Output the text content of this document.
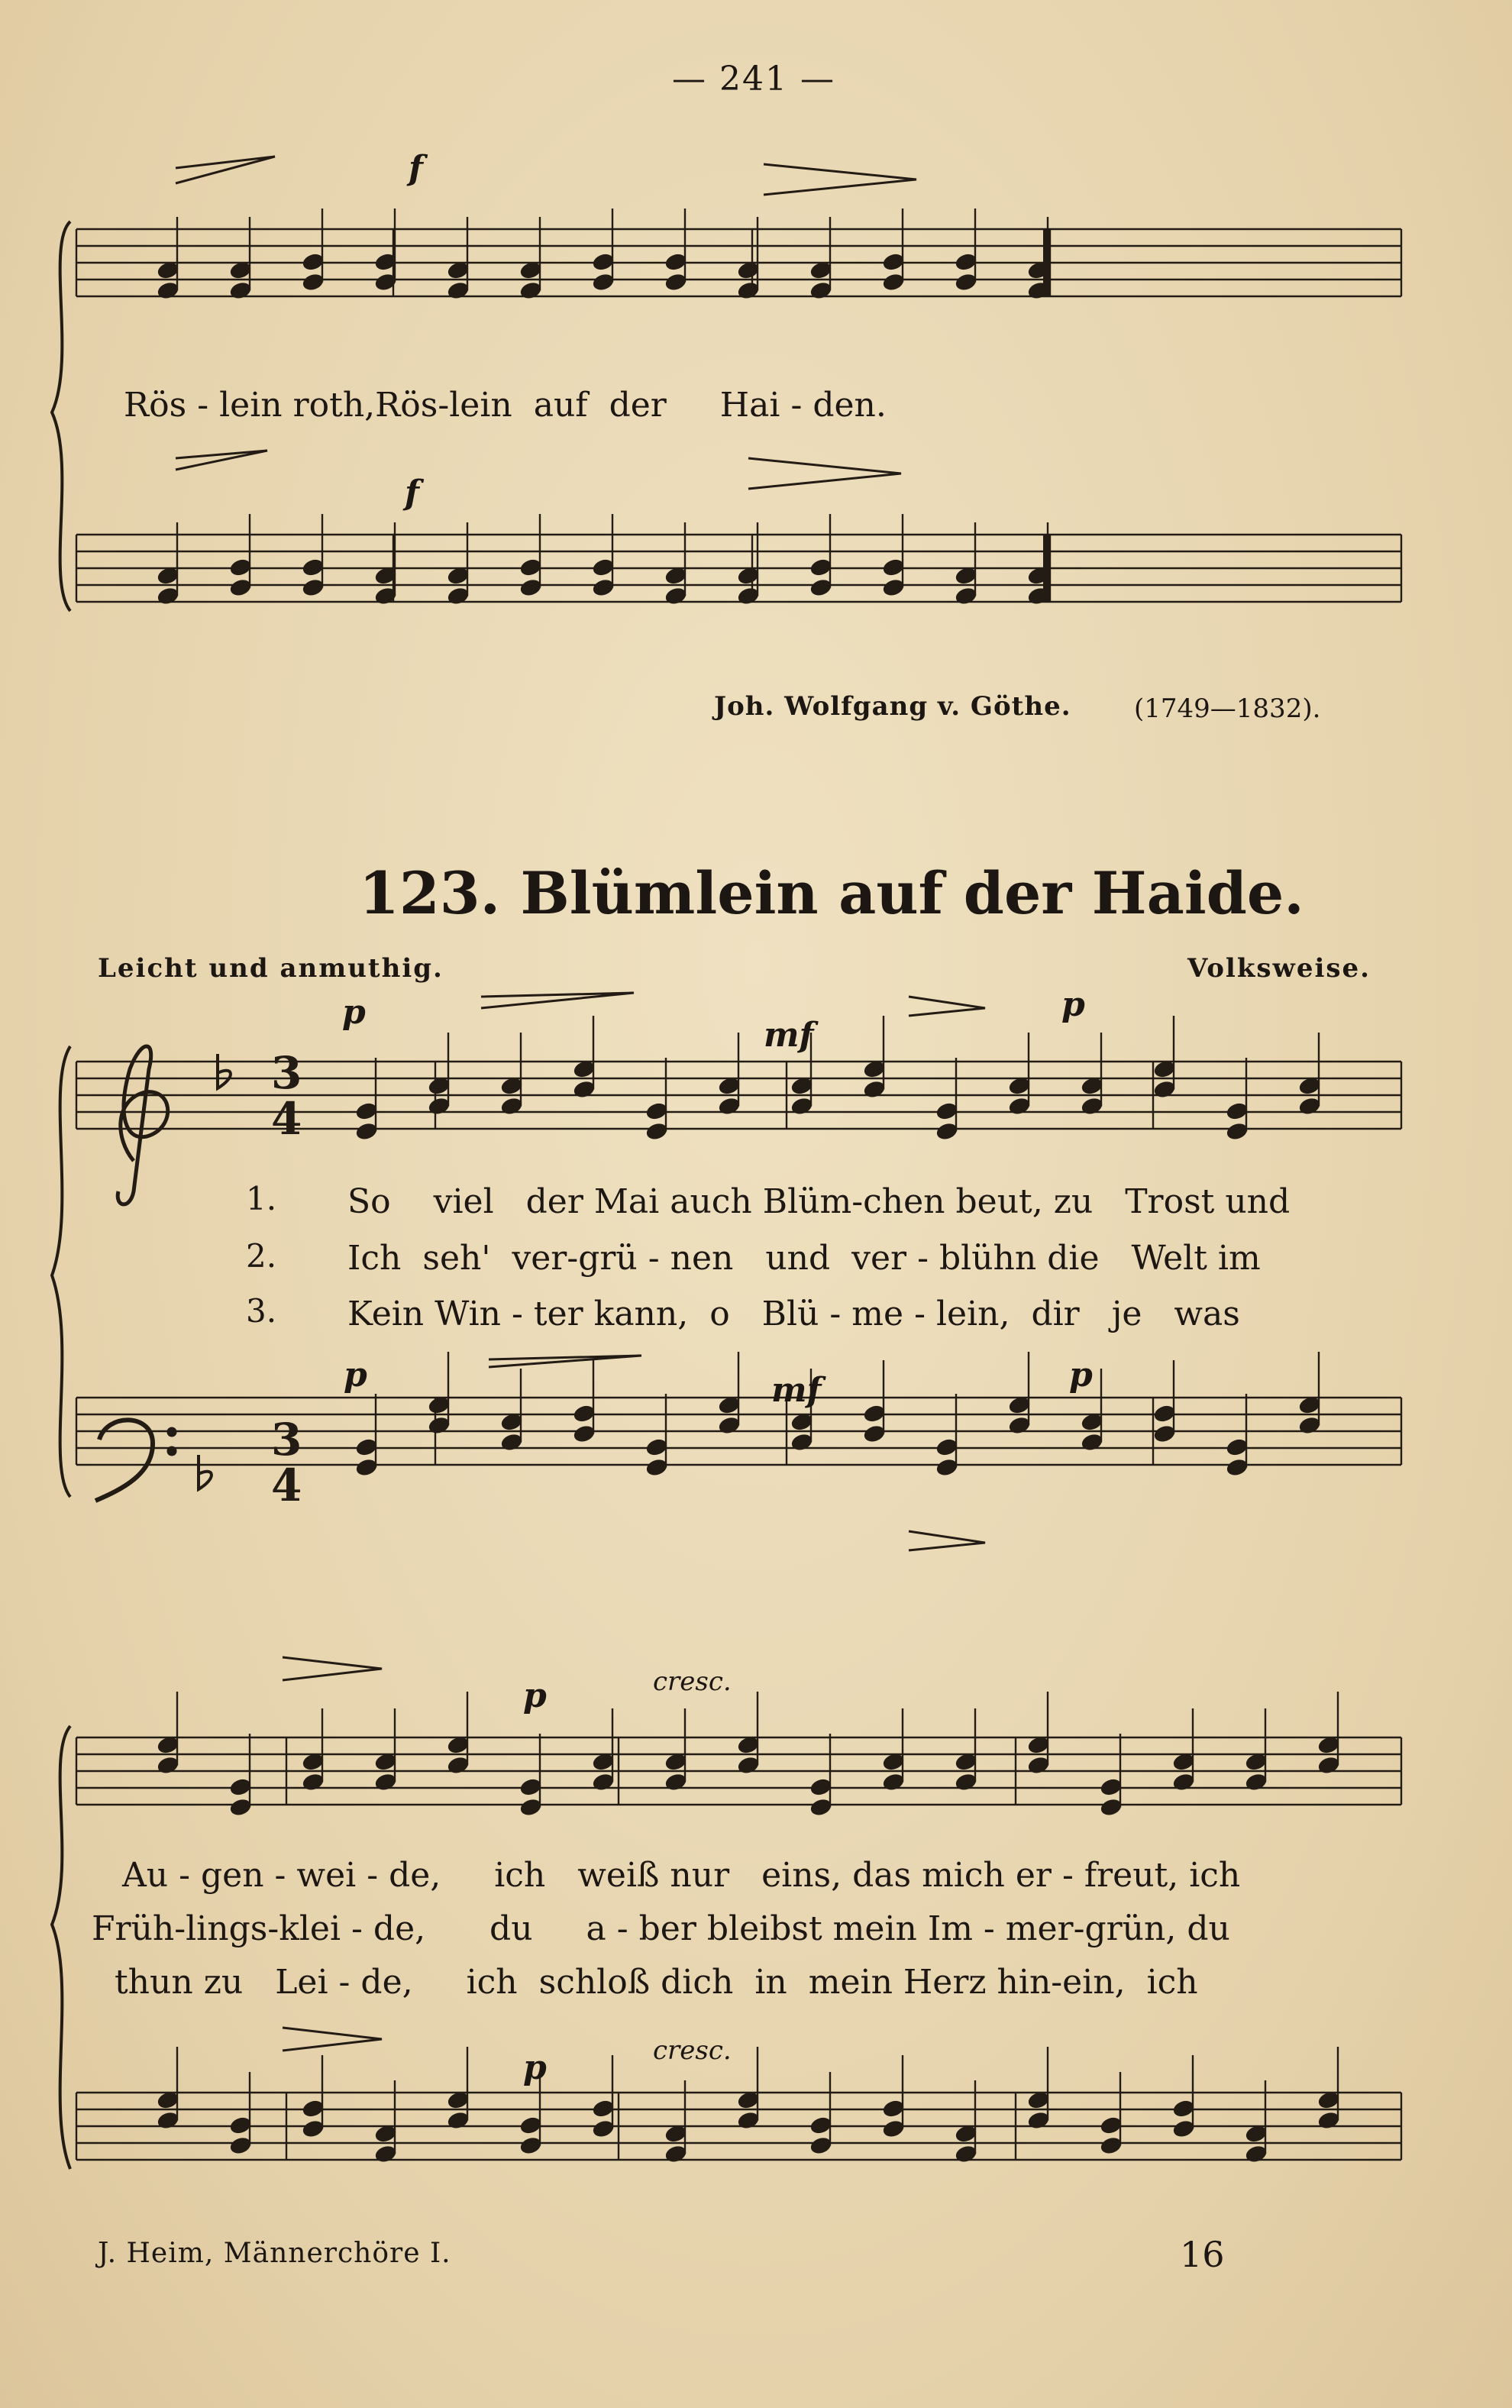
— 241 —
3
4
3
4
f
f
Rös - lein roth,Rös-lein auf der Hai - den.
Joh. Wolfgang v. Göthe. (1749—1832).
123. Blümlein auf der Haide.
Leicht und anmuthig.	Volksweise.
p
mf
p
p	mf	p
1.
2.
3.
So viel der Mai auch Blüm-chen beut, zu Trost und
Ich seh' ver-grü - nen und ver - blühn die Welt im
Kein Win - ter kann, o Blü - me - lein, dir je was
p	cresc.
p	cresc.
Au - gen - wei - de, ich weiß nur eins, das mich er - freut, ich
Früh-lings-klei - de, du a - ber bleibst mein Im - mer-grün, du
thun zu Lei - de, ich schloß dich in mein Herz hin-ein, ich
J. Heim, Männerchöre I.	16
